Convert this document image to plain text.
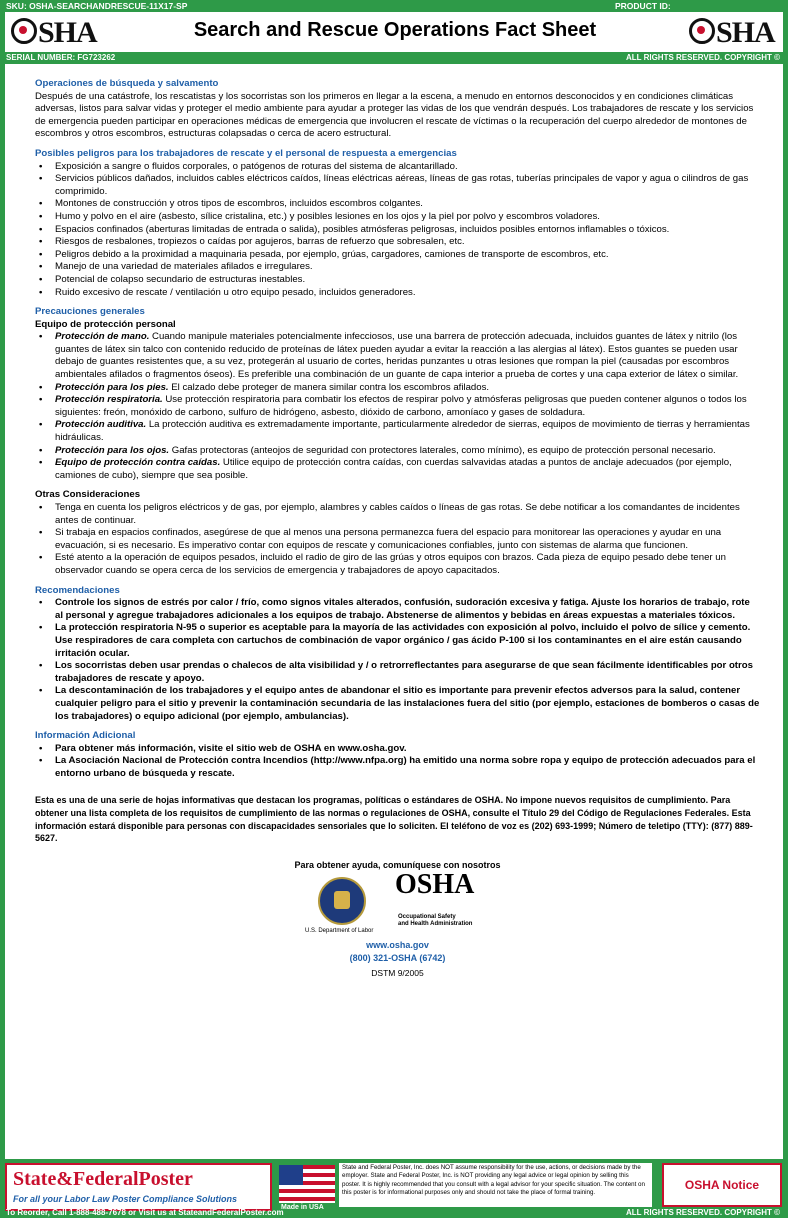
SKU: OSHA-SEARCHANDRESCUE-11X17-SP	PRODUCT ID:
SHA	Search and Rescue Operations Fact Sheet	SHA
SERIAL NUMBER: FG723262	ALL RIGHTS RESERVED. COPYRIGHT ©

Operaciones de búsqueda y salvamento

Después de una catástrofe, los rescatistas y los socorristas son los primeros en llegar a la escena, a menudo en entornos desconocidos y en condiciones climáticas adversas, listos para salvar vidas y proteger el medio ambiente para ayudar a proteger las vidas de los que vendrán después. Los trabajadores de rescate y los servicios de emergencia pueden participar en operaciones médicas de emergencia que involucren el rescate de víctimas o la recuperación del cuerpo alrededor de montones de escombros y otros escombros, estructuras colapsadas o cerca de acero estructural.

Posibles peligros para los trabajadores de rescate y el personal de respuesta a emergencias

• Exposición a sangre o fluidos corporales, o patógenos de roturas del sistema de alcantarillado.
• Servicios públicos dañados, incluidos cables eléctricos caídos, líneas eléctricas aéreas, líneas de gas rotas, tuberías principales de vapor y agua o cilindros de gas comprimido.
• Montones de construcción y otros tipos de escombros, incluidos escombros colgantes.
• Humo y polvo en el aire (asbesto, sílice cristalina, etc.) y posibles lesiones en los ojos y la piel por polvo y escombros voladores.
• Espacios confinados (aberturas limitadas de entrada o salida), posibles atmósferas peligrosas, incluidos posibles entornos inflamables o tóxicos.
• Riesgos de resbalones, tropiezos o caídas por agujeros, barras de refuerzo que sobresalen, etc.
• Peligros debido a la proximidad a maquinaria pesada, por ejemplo, grúas, cargadores, camiones de transporte de escombros, etc.
• Manejo de una variedad de materiales afilados e irregulares.
• Potencial de colapso secundario de estructuras inestables.
• Ruido excesivo de rescate / ventilación u otro equipo pesado, incluidos generadores.

Precauciones generales

Equipo de protección personal

• Protección de mano. Cuando manipule materiales potencialmente infecciosos, use una barrera de protección adecuada, incluidos guantes de látex y nitrilo (los guantes de látex sin talco con contenido reducido de proteínas de látex pueden ayudar a evitar la reacción a las alergias al látex). Estos guantes se pueden usar debajo de guantes resistentes que, a su vez, protegerán al usuario de cortes, heridas punzantes u otras lesiones que rompan la piel (causadas por escombros ambientales afilados o fragmentos óseos). Es preferible una combinación de un guante de capa interior a prueba de cortes y una capa exterior de látex o similar.
• Protección para los pies. El calzado debe proteger de manera similar contra los escombros afilados.
• Protección respiratoria. Use protección respiratoria para combatir los efectos de respirar polvo y atmósferas peligrosas que pueden contener algunos o todos los siguientes: freón, monóxido de carbono, sulfuro de hidrógeno, asbesto, dióxido de carbono, amoníaco y gases de soldadura.
• Protección auditiva. La protección auditiva es extremadamente importante, particularmente alrededor de sierras, equipos de movimiento de tierras y herramientas hidráulicas.
• Protección para los ojos. Gafas protectoras (anteojos de seguridad con protectores laterales, como mínimo), es equipo de protección personal necesario.
• Equipo de protección contra caídas. Utilice equipo de protección contra caídas, con cuerdas salvavidas atadas a puntos de anclaje adecuados (por ejemplo, camiones de cubo), siempre que sea posible.

Otras Consideraciones

• Tenga en cuenta los peligros eléctricos y de gas, por ejemplo, alambres y cables caídos o líneas de gas rotas. Se debe notificar a los comandantes de incidentes antes de continuar.
• Si trabaja en espacios confinados, asegúrese de que al menos una persona permanezca fuera del espacio para monitorear las operaciones y ayudar en una evacuación, si es necesario. Es imperativo contar con equipos de rescate y comunicaciones confiables, junto con sistemas de alarma que funcionen.
• Esté atento a la operación de equipos pesados, incluido el radio de giro de las grúas y otros equipos con brazos. Cada pieza de equipo pesado debe tener un observador cuando se opera cerca de los servicios de emergencia y trabajadores de apoyo capacitados.

Recomendaciones

• Controle los signos de estrés por calor / frío, como signos vitales alterados, confusión, sudoración excesiva y fatiga. Ajuste los horarios de trabajo, rote al personal y agregue trabajadores adicionales a los equipos de trabajo. Abstenerse de alimentos y bebidas en áreas expuestas a materiales tóxicos.
• La protección respiratoria N-95 o superior es aceptable para la mayoría de las actividades con exposición al polvo, incluido el polvo de sílice y cemento. Use respiradores de cara completa con cartuchos de combinación de vapor orgánico / gas ácido P-100 si los contaminantes en el aire están causando irritación ocular.
• Los socorristas deben usar prendas o chalecos de alta visibilidad y / o retrorreflectantes para asegurarse de que sean fácilmente identificables por otros trabajadores de rescate y apoyo.
• La descontaminación de los trabajadores y el equipo antes de abandonar el sitio es importante para prevenir efectos adversos para la salud, contener cualquier peligro para el sitio y prevenir la contaminación secundaria de las instalaciones fuera del sitio (por ejemplo, estaciones de bomberos o casas de los trabajadores) o equipo adicional (por ejemplo, ambulancias).

Información Adicional

• Para obtener más información, visite el sitio web de OSHA en www.osha.gov.
• La Asociación Nacional de Protección contra Incendios (http://www.nfpa.org) ha emitido una norma sobre ropa y equipo de protección adecuados para el entorno urbano de búsqueda y rescate.

Esta es una de una serie de hojas informativas que destacan los programas, políticas o estándares de OSHA. No impone nuevos requisitos de cumplimiento. Para obtener una lista completa de los requisitos de cumplimiento de las normas o regulaciones de OSHA, consulte el Título 29 del Código de Regulaciones Federales. Esta información estará disponible para personas con discapacidades sensoriales que lo soliciten. El teléfono de voz es (202) 693-1999; Número de teletipo (TTY): (877) 889-5627.

Para obtener ayuda, comuníquese con nosotros

U.S. Department of Labor
OSHA
Occupational Safety
and Health Administration

www.osha.gov

(800) 321-OSHA (6742)

DSTM 9/2005

State&FederalPoster
For all your Labor Law Poster Compliance Solutions
Made in USA
State and Federal Poster, Inc. does NOT assume responsibility for the use, actions, or decisions made by the employer. State and Federal Poster, Inc. is NOT providing any legal advice or legal opinion by selling this poster. It is highly recommended that you consult with a legal advisor for your specific situation. The content on this poster is for informational purposes only and should not take the place of formal training.
OSHA Notice
To Reorder, Call 1-888-488-7678 or Visit us at StateandFederalPoster.com	ALL RIGHTS RESERVED. COPYRIGHT ©
